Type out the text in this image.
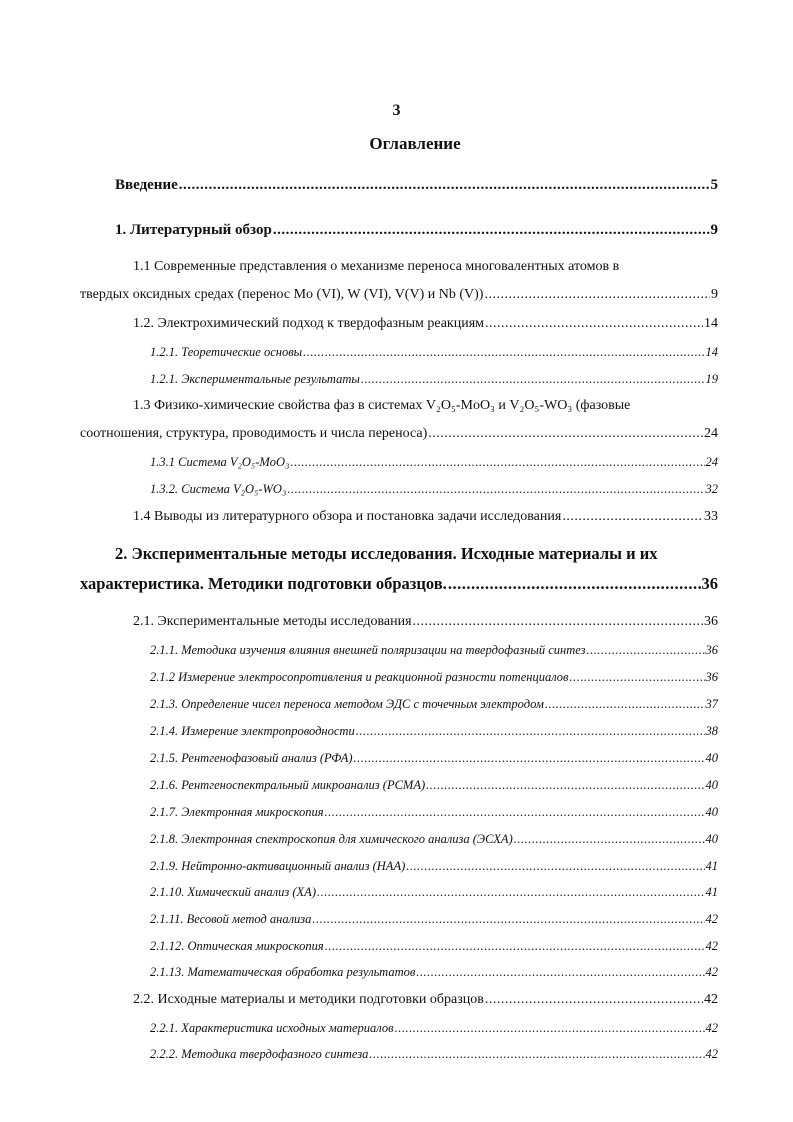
3
Оглавление
Введение .....	5
1. Литературный обзор .....	9
1.1 Современные представления о механизме переноса многовалентных атомов в
твердых оксидных средах (перенос Mo (VI), W (VI), V(V) и Nb (V)) .....	9
1.2. Электрохимический подход к твердофазным реакциям .....	14
1.2.1. Теоретические основы .....	14
1.2.1. Экспериментальные результаты .....	19
1.3 Физико-химические свойства фаз в системах V₂O₅-MoO₃ и V₂O₅-WO₃ (фазовые
соотношения, структура, проводимость и числа переноса) .....	24
1.3.1 Система V₂O₅-MoO₃ .....	24
1.3.2. Система V₂O₅-WO₃ .....	32
1.4 Выводы из литературного обзора и постановка задачи исследования .....	33
2. Экспериментальные методы исследования. Исходные материалы и их
характеристика. Методики подготовки образцов. .....	36
2.1. Экспериментальные методы исследования .....	36
2.1.1. Методика изучения влияния внешней поляризации на твердофазный синтез .....	36
2.1.2 Измерение электросопротивления и реакционной разности потенциалов .....	36
2.1.3. Определение чисел переноса методом ЭДС с точечным электродом .....	37
2.1.4. Измерение электропроводности .....	38
2.1.5. Рентгенофазовый анализ (РФА) .....	40
2.1.6. Рентгеноспектральный микроанализ (РСМА) .....	40
2.1.7. Электронная микроскопия .....	40
2.1.8. Электронная спектроскопия для химического анализа (ЭСХА) .....	40
2.1.9. Нейтронно-активационный анализ (НАА) .....	41
2.1.10. Химический анализ (ХА) .....	41
2.1.11. Весовой метод анализа .....	42
2.1.12. Оптическая микроскопия .....	42
2.1.13. Математическая обработка результатов .....	42
2.2. Исходные материалы и методики подготовки образцов .....	42
2.2.1. Характеристика исходных материалов .....	42
2.2.2. Методика твердофазного синтеза .....	42
